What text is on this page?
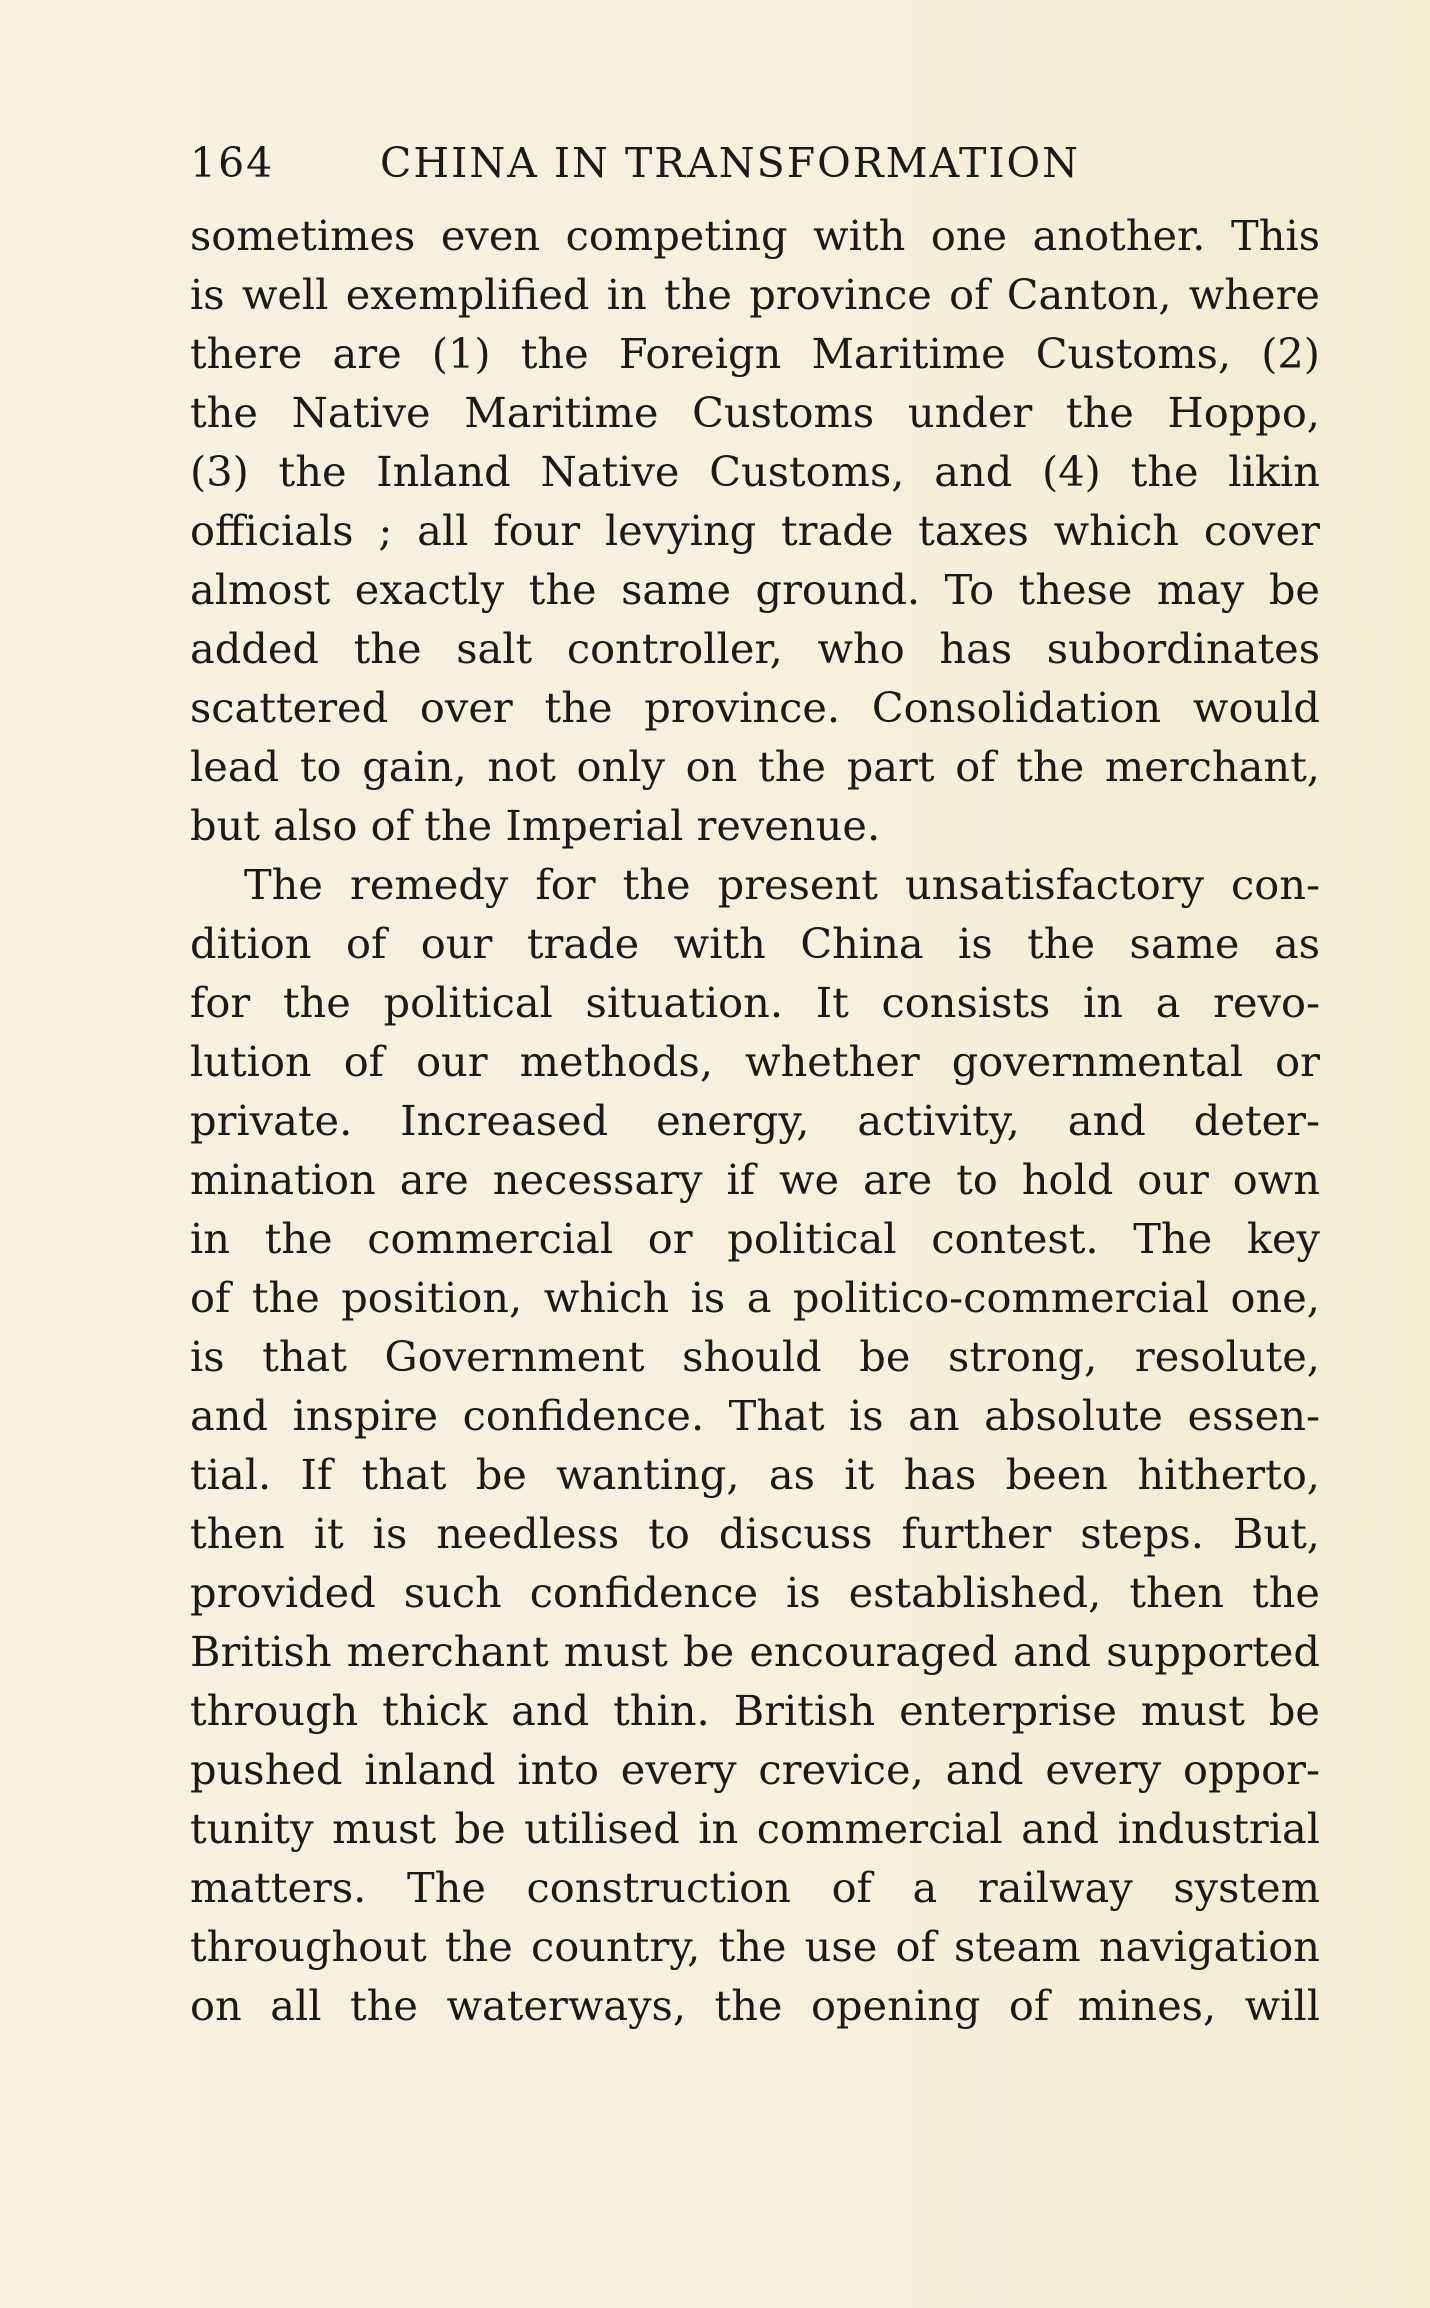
164	CHINA IN TRANSFORMATION
sometimes even competing with one another. This
is well exemplified in the province of Canton, where
there are (1) the Foreign Maritime Customs, (2)
the Native Maritime Customs under the Hoppo,
(3) the Inland Native Customs, and (4) the likin
officials ; all four levying trade taxes which cover
almost exactly the same ground. To these may be
added the salt controller, who has subordinates
scattered over the province. Consolidation would
lead to gain, not only on the part of the merchant,
but also of the Imperial revenue.
The remedy for the present unsatisfactory con-
dition of our trade with China is the same as
for the political situation. It consists in a revo-
lution of our methods, whether governmental or
private. Increased energy, activity, and deter-
mination are necessary if we are to hold our own
in the commercial or political contest. The key
of the position, which is a politico-commercial one,
is that Government should be strong, resolute,
and inspire confidence. That is an absolute essen-
tial. If that be wanting, as it has been hitherto,
then it is needless to discuss further steps. But,
provided such confidence is established, then the
British merchant must be encouraged and supported
through thick and thin. British enterprise must be
pushed inland into every crevice, and every oppor-
tunity must be utilised in commercial and industrial
matters. The construction of a railway system
throughout the country, the use of steam navigation
on all the waterways, the opening of mines, will
